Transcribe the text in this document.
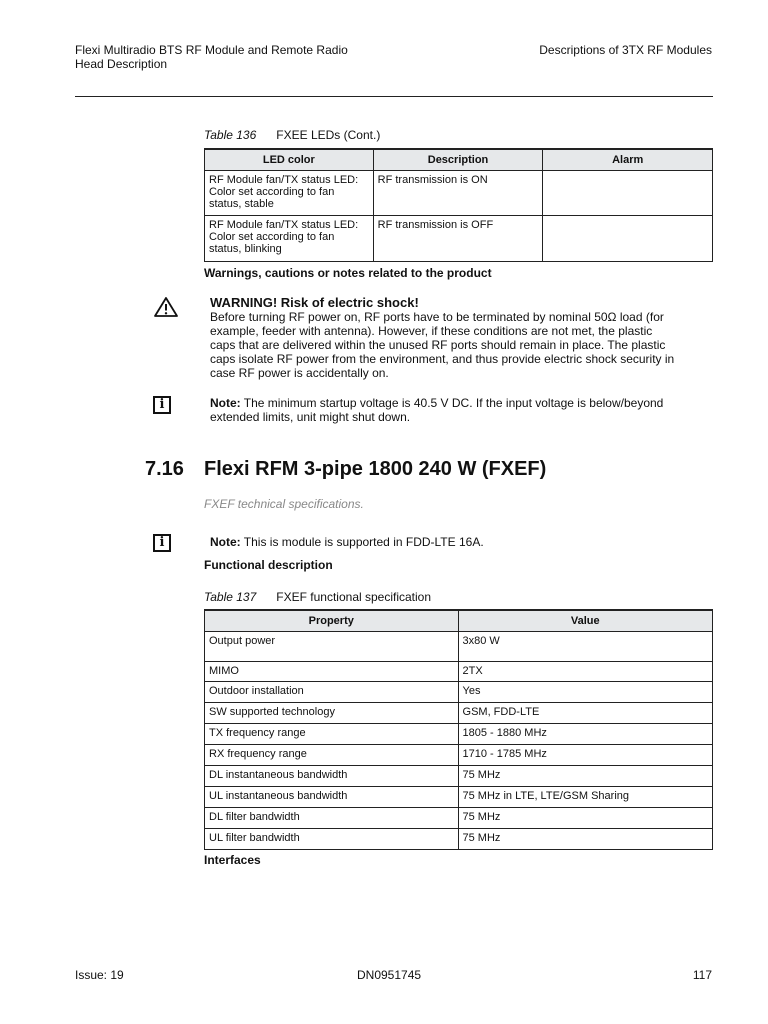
Flexi Multiradio BTS RF Module and Remote Radio
Head Description
Descriptions of 3TX RF Modules
Table 136 FXEE LEDs (Cont.)
LED color	Description	Alarm
RF Module fan/TX status LED: Color set according to fan status, stable	RF transmission is ON	
RF Module fan/TX status LED: Color set according to fan status, blinking	RF transmission is OFF	
Warnings, cautions or notes related to the product
WARNING! Risk of electric shock!
Before turning RF power on, RF ports have to be terminated by nominal 50Ω load (for
example, feeder with antenna). However, if these conditions are not met, the plastic
caps that are delivered within the unused RF ports should remain in place. The plastic
caps isolate RF power from the environment, and thus provide electric shock security in
case RF power is accidentally on.
i	Note: The minimum startup voltage is 40.5 V DC. If the input voltage is below/beyond
extended limits, unit might shut down.
7.16 Flexi RFM 3-pipe 1800 240 W (FXEF)
FXEF technical specifications.
i	Note: This is module is supported in FDD-LTE 16A.
Functional description
Table 137 FXEF functional specification
Property	Value
Output power	3x80 W
MIMO	2TX
Outdoor installation	Yes
SW supported technology	GSM, FDD-LTE
TX frequency range	1805 - 1880 MHz
RX frequency range	1710 - 1785 MHz
DL instantaneous bandwidth	75 MHz
UL instantaneous bandwidth	75 MHz in LTE, LTE/GSM Sharing
DL filter bandwidth	75 MHz
UL filter bandwidth	75 MHz
Interfaces
Issue: 19	DN0951745	117
